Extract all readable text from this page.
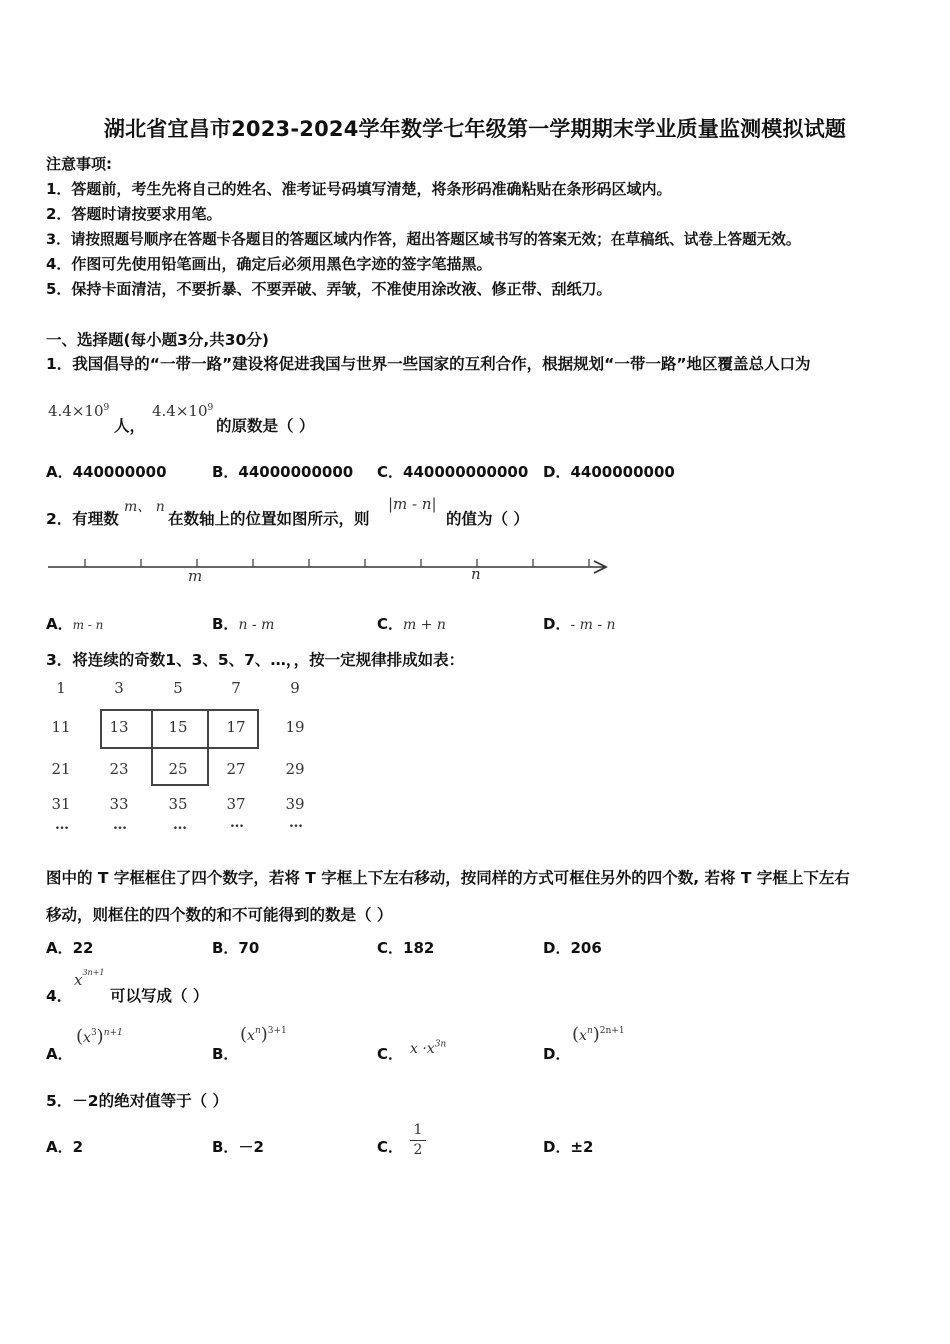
湖北省宜昌市2023-2024学年数学七年级第一学期期末学业质量监测模拟试题
注意事项:
1．答题前，考生先将自己的姓名、准考证号码填写清楚，将条形码准确粘贴在条形码区域内。
2．答题时请按要求用笔。
3．请按照题号顺序在答题卡各题目的答题区域内作答，超出答题区域书写的答案无效；在草稿纸、试卷上答题无效。
4．作图可先使用铅笔画出，确定后必须用黑色字迹的签字笔描黑。
5．保持卡面清洁，不要折暴、不要弄破、弄皱，不准使用涂改液、修正带、刮纸刀。
一、选择题(每小题3分,共30分)
1．我国倡导的“一带一路”建设将促进我国与世界一些国家的互利合作，根据规划“一带一路”地区覆盖总人口为
$4.4\times 10^9$
人，
$4.4\times 10^9$
的原数是（ ）
A．440000000	B．44000000000 C．440000000000 D．4400000000
2．有理数
m、 n
在数轴上的位置如图所示，则
|m - n|
的值为（ ）
m	n
A．m - n	B．n - m	C．m + n	D．- m - n
3．将连续的奇数1、3、5、7、…，，按一定规律排成如表：
1	3	5	7	9
11	13	15	17	19
21	23	25	27	29
31	33	35	37	39
…	…	…	…	…
图中的 T 字框框住了四个数字，若将 T 字框上下左右移动，按同样的方式可框住另外的四个数, 若将 T 字框上下左右
移动，则框住的四个数的和不可能得到的数是（ ）
A．22	B．70	C．182	D．206
4．
$x^{3n+1}$
可以写成（ ）
A．
$(x^3)^{n+1}$
B．
$(x^n)^{3+1}$
C． $x \cdot x^{3n}$
D．
$(x^n)^{2n+1}$
5．－2的绝对值等于（ ）
A．2	B．－2	C．
1
2	D．±2
